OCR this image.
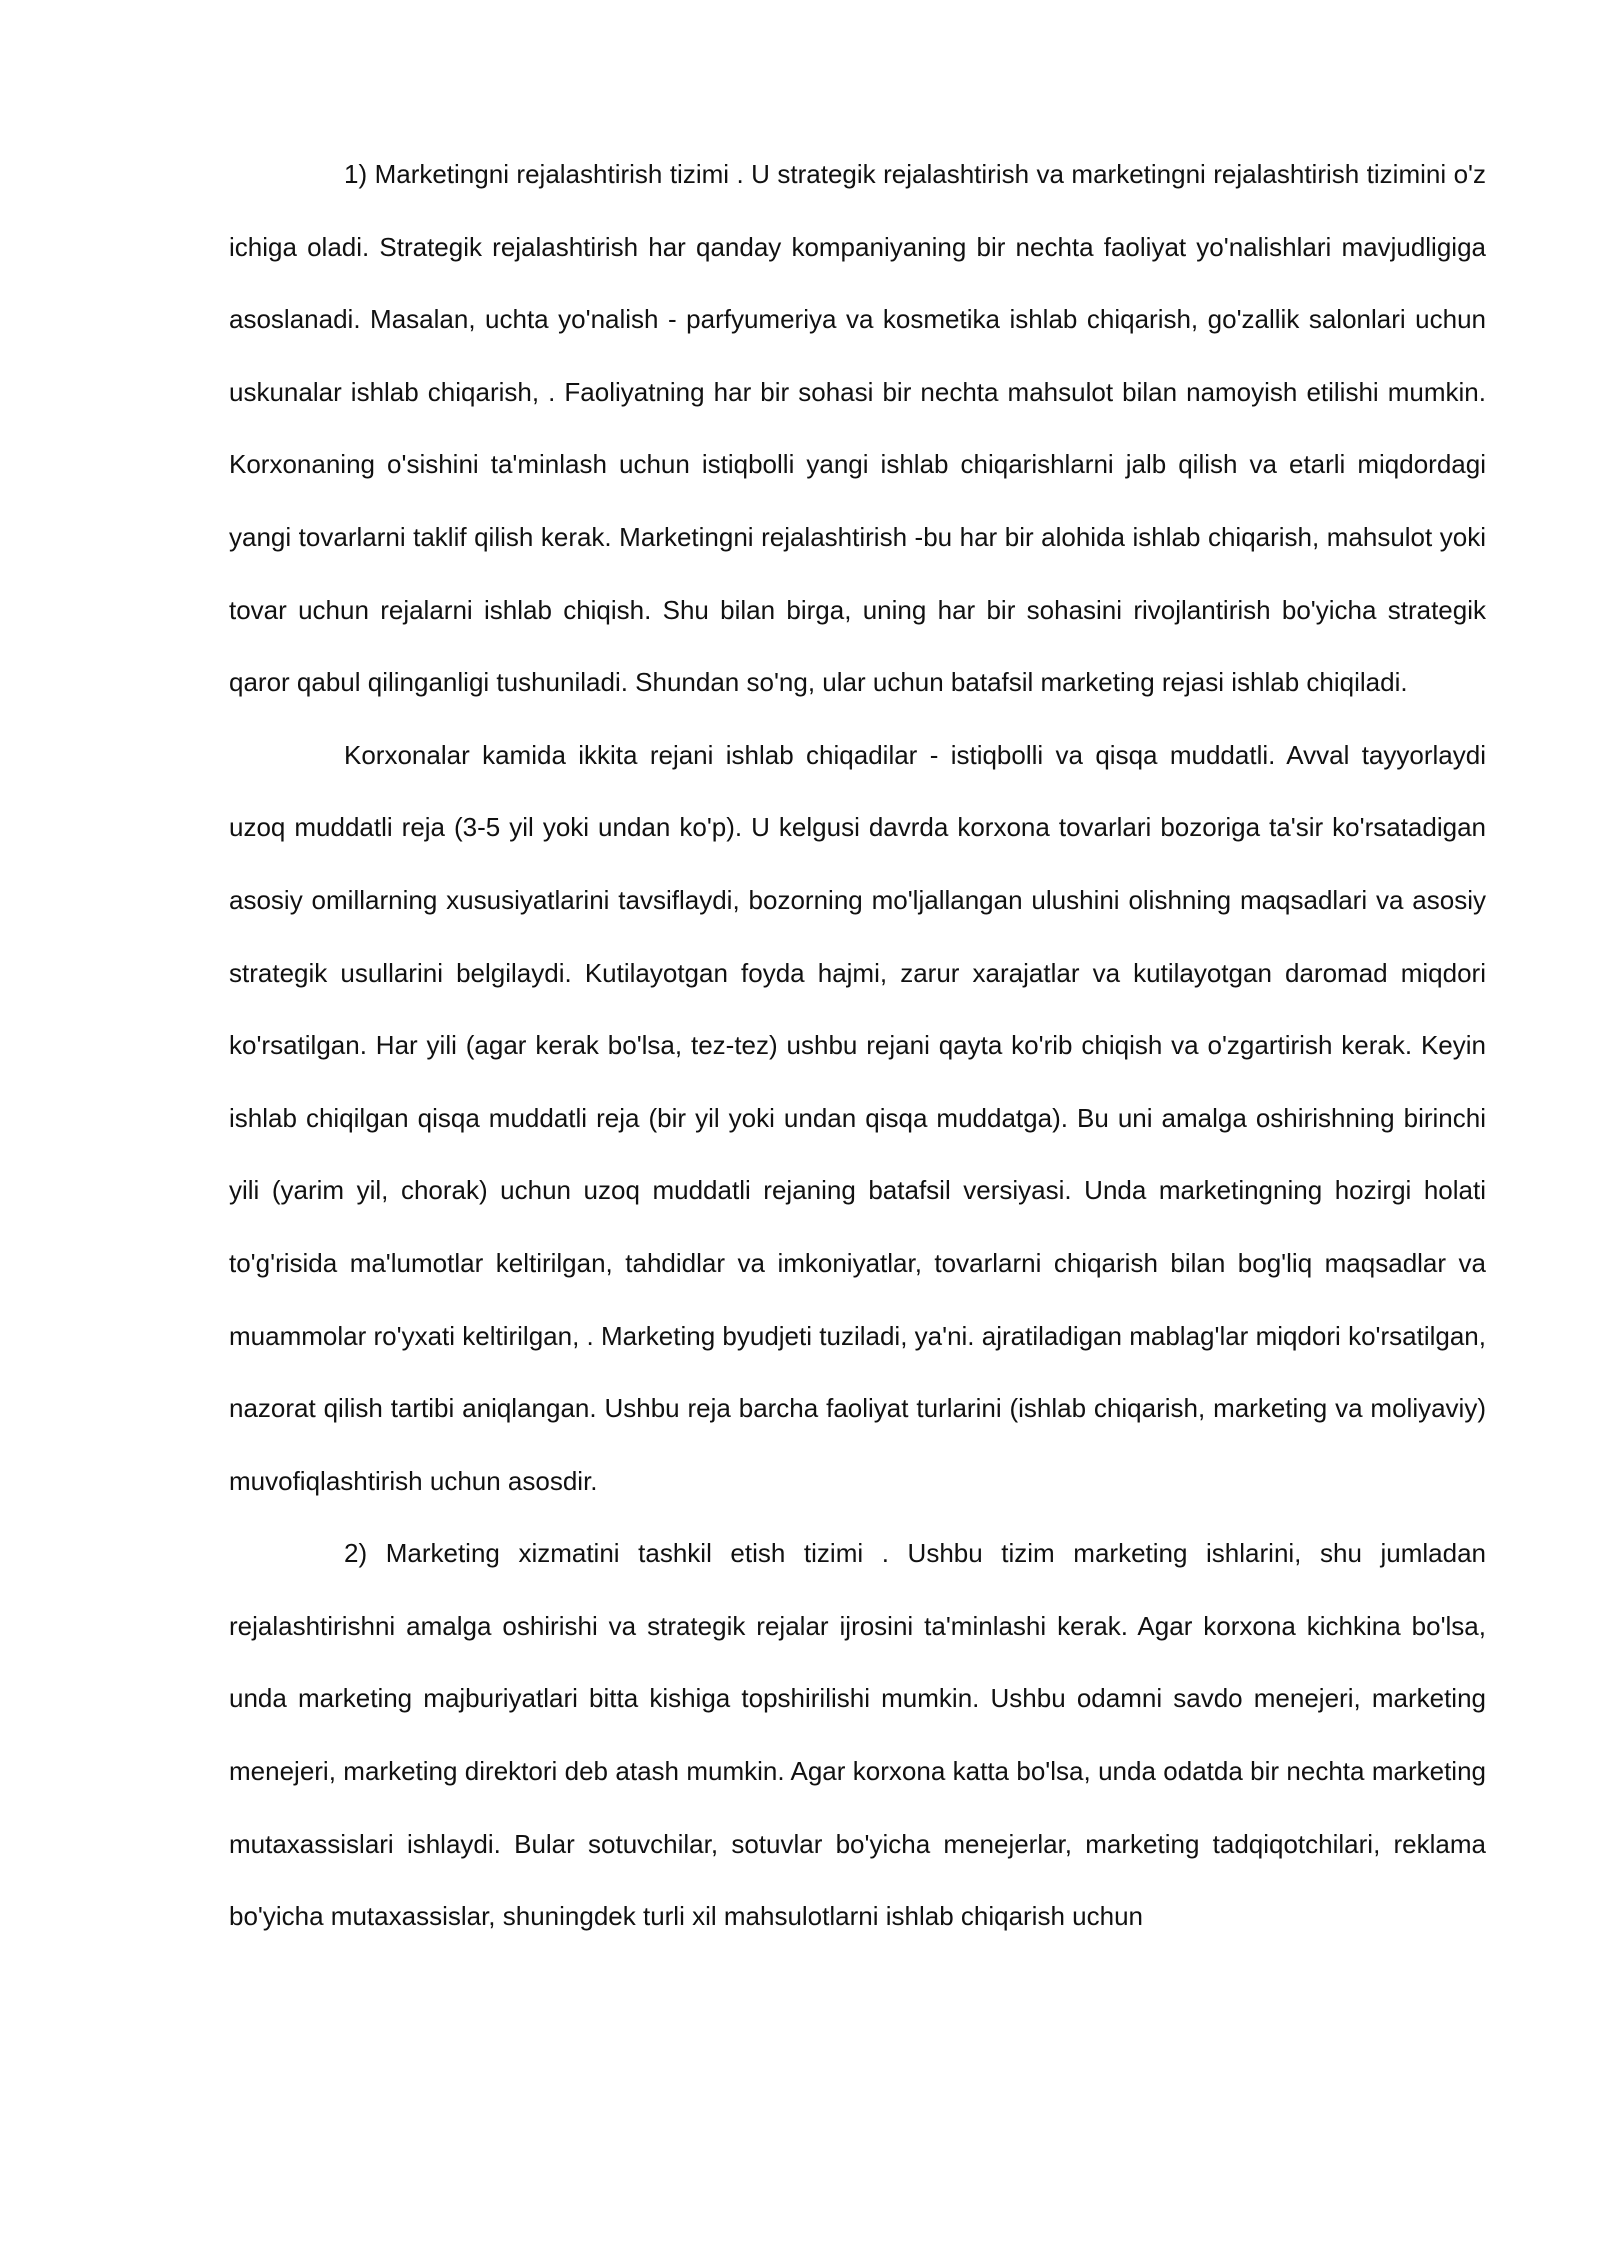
1) Marketingni rejalashtirish tizimi . U strategik rejalashtirish va marketingni rejalashtirish tizimini o'z ichiga oladi. Strategik rejalashtirish har qanday kompaniyaning bir nechta faoliyat yo'nalishlari mavjudligiga asoslanadi. Masalan, uchta yo'nalish - parfyumeriya va kosmetika ishlab chiqarish, go'zallik salonlari uchun uskunalar ishlab chiqarish, . Faoliyatning har bir sohasi bir nechta mahsulot bilan namoyish etilishi mumkin. Korxonaning o'sishini ta'minlash uchun istiqbolli yangi ishlab chiqarishlarni jalb qilish va etarli miqdordagi yangi tovarlarni taklif qilish kerak. Marketingni rejalashtirish -bu har bir alohida ishlab chiqarish, mahsulot yoki tovar uchun rejalarni ishlab chiqish. Shu bilan birga, uning har bir sohasini rivojlantirish bo'yicha strategik qaror qabul qilinganligi tushuniladi. Shundan so'ng, ular uchun batafsil marketing rejasi ishlab chiqiladi.

Korxonalar kamida ikkita rejani ishlab chiqadilar - istiqbolli va qisqa muddatli. Avval tayyorlaydi uzoq muddatli reja (3-5 yil yoki undan ko'p). U kelgusi davrda korxona tovarlari bozoriga ta'sir ko'rsatadigan asosiy omillarning xususiyatlarini tavsiflaydi, bozorning mo'ljallangan ulushini olishning maqsadlari va asosiy strategik usullarini belgilaydi. Kutilayotgan foyda hajmi, zarur xarajatlar va kutilayotgan daromad miqdori ko'rsatilgan. Har yili (agar kerak bo'lsa, tez-tez) ushbu rejani qayta ko'rib chiqish va o'zgartirish kerak. Keyin ishlab chiqilgan qisqa muddatli reja (bir yil yoki undan qisqa muddatga). Bu uni amalga oshirishning birinchi yili (yarim yil, chorak) uchun uzoq muddatli rejaning batafsil versiyasi. Unda marketingning hozirgi holati to'g'risida ma'lumotlar keltirilgan, tahdidlar va imkoniyatlar, tovarlarni chiqarish bilan bog'liq maqsadlar va muammolar ro'yxati keltirilgan, . Marketing byudjeti tuziladi, ya'ni. ajratiladigan mablag'lar miqdori ko'rsatilgan, nazorat qilish tartibi aniqlangan. Ushbu reja barcha faoliyat turlarini (ishlab chiqarish, marketing va moliyaviy) muvofiqlashtirish uchun asosdir.

2) Marketing xizmatini tashkil etish tizimi . Ushbu tizim marketing ishlarini, shu jumladan rejalashtirishni amalga oshirishi va strategik rejalar ijrosini ta'minlashi kerak. Agar korxona kichkina bo'lsa, unda marketing majburiyatlari bitta kishiga topshirilishi mumkin. Ushbu odamni savdo menejeri, marketing menejeri, marketing direktori deb atash mumkin. Agar korxona katta bo'lsa, unda odatda bir nechta marketing mutaxassislari ishlaydi. Bular sotuvchilar, sotuvlar bo'yicha menejerlar, marketing tadqiqotchilari, reklama bo'yicha mutaxassislar, shuningdek turli xil mahsulotlarni ishlab chiqarish uchun
